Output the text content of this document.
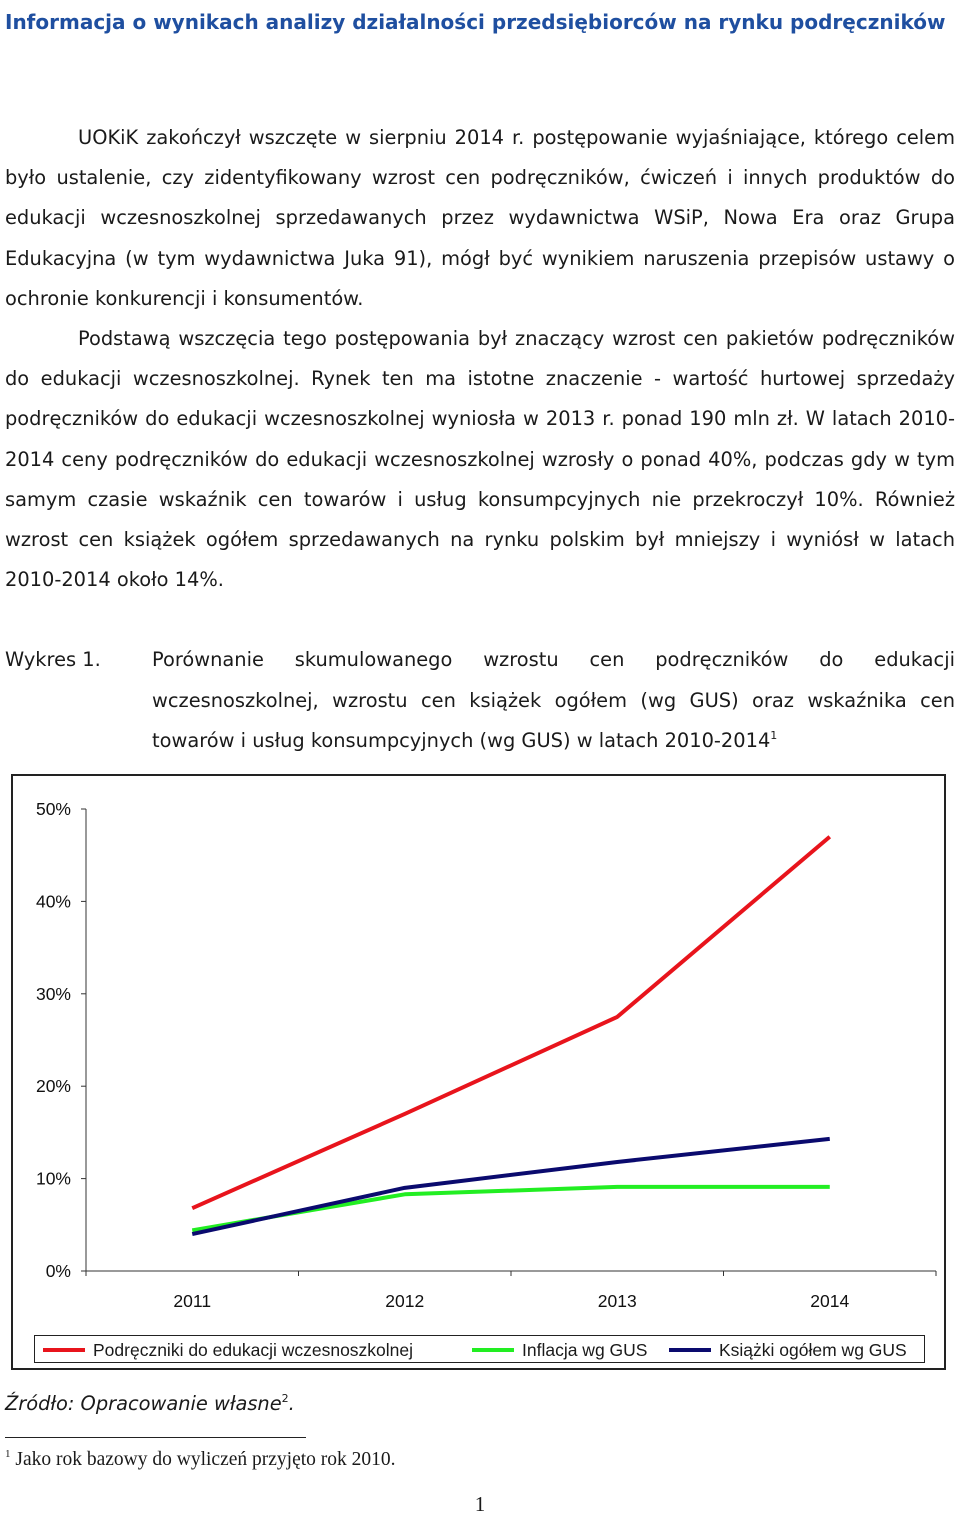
Informacja o wynikach analizy działalności przedsiębiorców na rynku podręczników

UOKiK zakończył wszczęte w sierpniu 2014 r. postępowanie wyjaśniające, którego celem było ustalenie, czy zidentyfikowany wzrost cen podręczników, ćwiczeń i innych produktów do edukacji wczesnoszkolnej sprzedawanych przez wydawnictwa WSiP, Nowa Era oraz Grupa Edukacyjna (w tym wydawnictwa Juka 91), mógł być wynikiem naruszenia przepisów ustawy o ochronie konkurencji i konsumentów.

Podstawą wszczęcia tego postępowania był znaczący wzrost cen pakietów podręczników do edukacji wczesnoszkolnej. Rynek ten ma istotne znaczenie - wartość hurtowej sprzedaży podręczników do edukacji wczesnoszkolnej wyniosła w 2013 r. ponad 190 mln zł. W latach 2010-2014 ceny podręczników do edukacji wczesnoszkolnej wzrosły o ponad 40%, podczas gdy w tym samym czasie wskaźnik cen towarów i usług konsumpcyjnych nie przekroczył 10%. Również wzrost cen książek ogółem sprzedawanych na rynku polskim był mniejszy i wyniósł w latach 2010-2014 około 14%.

Wykres 1.	Porównanie skumulowanego wzrostu cen podręczników do edukacji wczesnoszkolnej, wzrostu cen książek ogółem (wg GUS) oraz wskaźnika cen towarów i usług konsumpcyjnych (wg GUS) w latach 2010-2014$^1$
0%
10%
20%
30%
40%
50%
2011	2012	2013	2014
Podręczniki do edukacji wczesnoszkolnej	Inflacja wg GUS	Książki ogółem wg GUS
Źródło: Opracowanie własne$^2$.
$^1$ Jako rok bazowy do wyliczeń przyjęto rok 2010.
1
